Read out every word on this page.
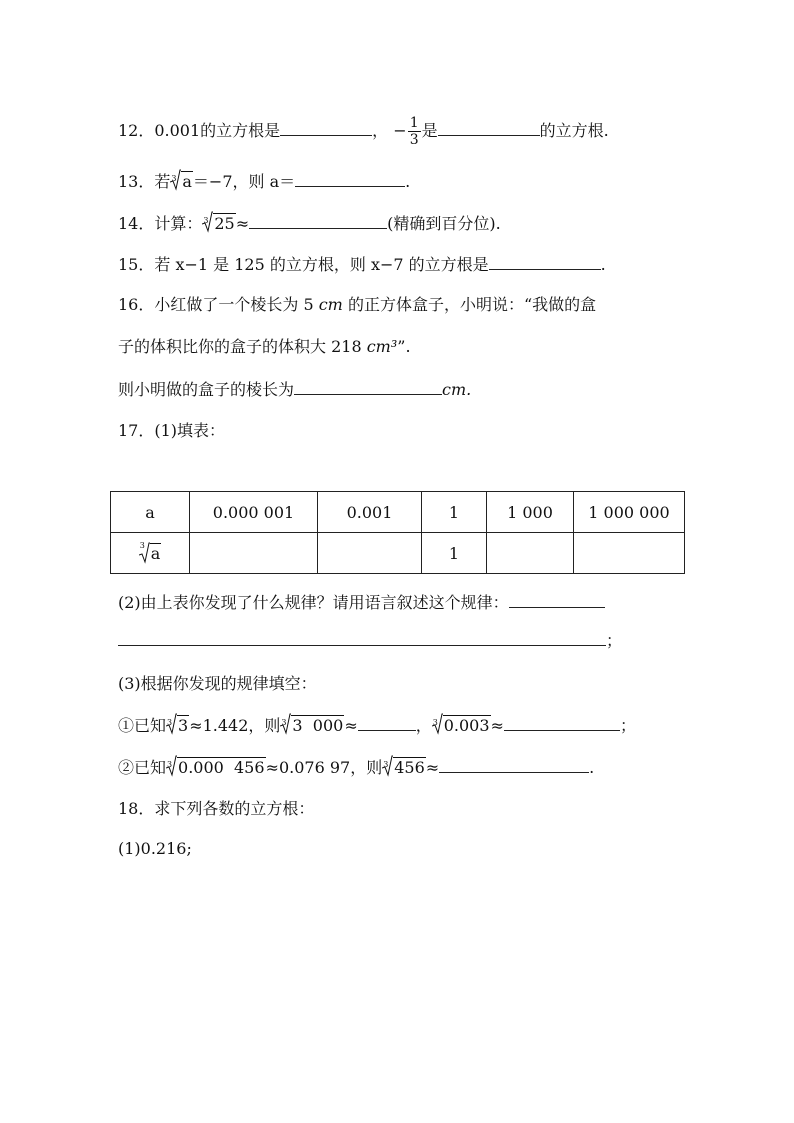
12．0.001的立方根是	， − $\frac{1}{3}$ 是	的立方根.
13．若 3 a＝−7，则 a＝	.
14．计算： 3 25≈	(精确到百分位).
15．若 x−1 是 125 的立方根，则 x−7 的立方根是	.
16．小红做了一个棱长为 5 cm 的正方体盒子，小明说：“我做的盒
子的体积比你的盒子的体积大 218 cm³”.
则小明做的盒子的棱长为	cm.
17．(1)填表：
a	0.000 001	0.001	1	1 000	1 000 000

3 a			1		
(2)由上表你发现了什么规律？请用语言叙述这个规律：
；
(3)根据你发现的规律填空：
①已知 3 3≈1.442，则 3 3  000≈	， 3 0.003≈	；
②已知 3 0.000  456≈0.076 97，则 3 456≈	.
18．求下列各数的立方根：
(1)0.216;
